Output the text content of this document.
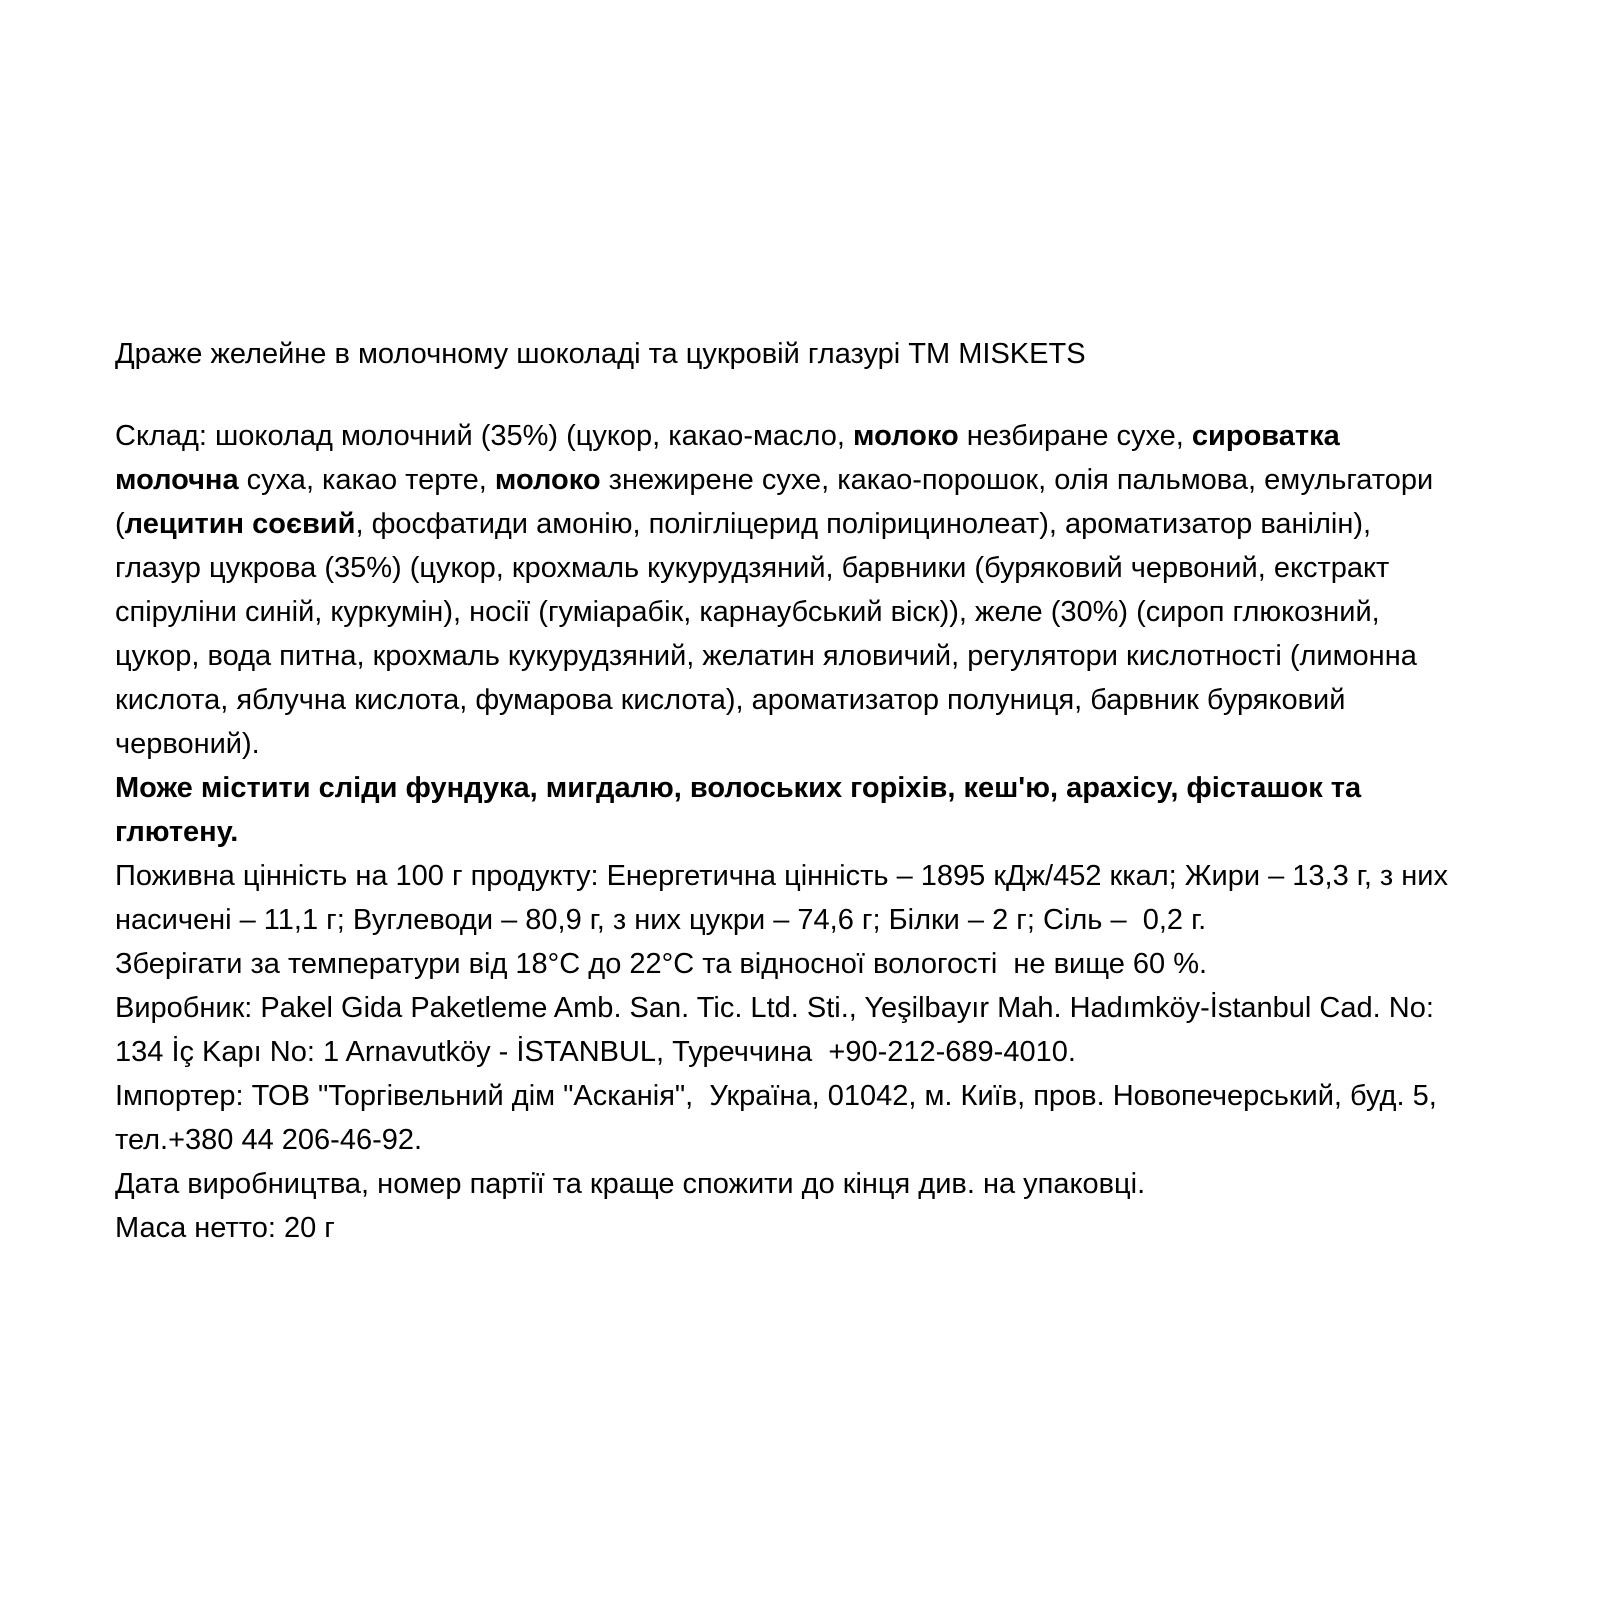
Драже желейне в молочному шоколаді та цукровій глазурі ТМ MISKETS

Склад: шоколад молочний (35%) (цукор, какао-масло, молоко незбиране сухе, сироватка молочна суха, какао терте, молоко знежирене сухе, какао-порошок, олія пальмова, емульгатори (лецитин соєвий, фосфатиди амонію, полігліцерид полірицинолеат), ароматизатор ванілін), глазур цукрова (35%) (цукор, крохмаль кукурудзяний, барвники (буряковий червоний, екстракт спіруліни синій, куркумін), носії (гуміарабік, карнаубський віск)), желе (30%) (сироп глюкозний, цукор, вода питна, крохмаль кукурудзяний, желатин яловичий, регулятори кислотності (лимонна кислота, яблучна кислота, фумарова кислота), ароматизатор полуниця, барвник буряковий червоний).

Може містити сліди фундука, мигдалю, волоських горіхів, кеш'ю, арахісу, фісташок та глютену.

Поживна цінність на 100 г продукту: Енергетична цінність – 1895 кДж/452 ккал; Жири – 13,3 г, з них насичені – 11,1 г; Вуглеводи – 80,9 г, з них цукри – 74,6 г; Білки – 2 г; Сіль –  0,2 г.

Зберігати за температури від 18°С до 22°С та відносної вологості  не вище 60 %.

Виробник: Pakel Gida Paketleme Amb. San. Tic. Ltd. Sti., Yeşilbayır Mah. Hadımköy-İstanbul Cad. No: 134 İç Kapı No: 1 Arnavutköy - İSTANBUL, Туреччина  +90-212-689-4010.

Імпортер: ТОВ "Торгівельний дім "Асканія",  Україна, 01042, м. Київ, пров. Новопечерський, буд. 5, тел.+380 44 206-46-92.

Дата виробництва, номер партії та краще спожити до кінця див. на упаковці.

Маса нетто: 20 г
